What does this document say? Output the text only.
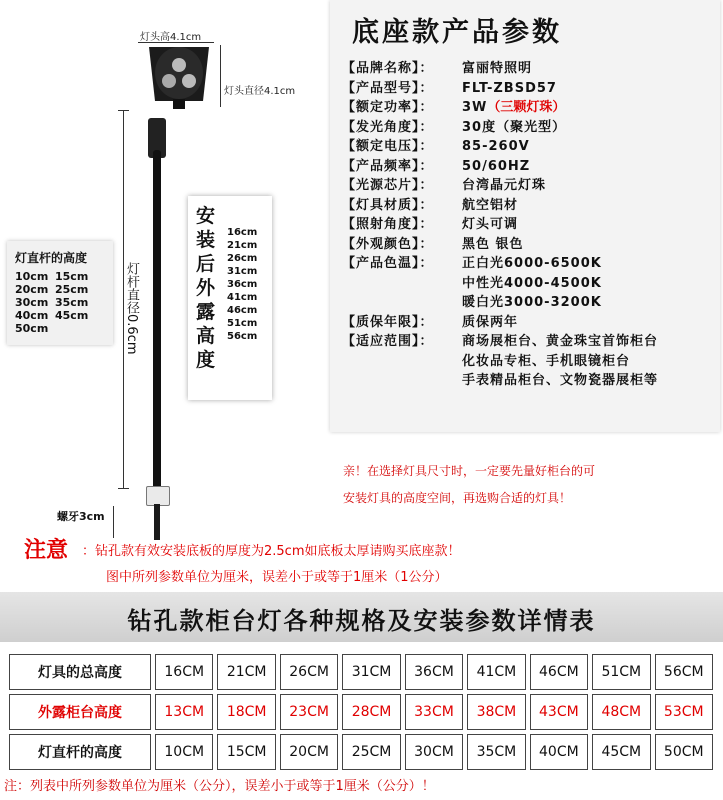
灯头高4.1cm
灯头直径4.1cm
灯杆直径0.6cm
灯直杆的高度
10cm 15cm
20cm 25cm
30cm 35cm
40cm 45cm
50cm
安
装
后
外
露
高
度
16cm
21cm
26cm
31cm
36cm
41cm
46cm
51cm
56cm
螺牙3cm
底座款产品参数
【品牌名称】：	富丽特照明
【产品型号】：	FLT-ZBSD57
【额定功率】：	3W （三颗灯珠）
【发光角度】：	30度（聚光型）
【额定电压】：	85-260V
【产品频率】：	50/60HZ
【光源芯片】：	台湾晶元灯珠
【灯具材质】：	航空铝材
【照射角度】：	灯头可调
【外观颜色】：	黑色 银色
【产品色温】：	正白光6000-6500K
中性光4000-4500K
暖白光3000-3200K
【质保年限】：	质保两年
【适应范围】：	商场展柜台、黄金珠宝首饰柜台
化妆品专柜、手机眼镜柜台
手表精品柜台、文物瓷器展柜等
亲！在选择灯具尺寸时，一定要先量好柜台的可
安装灯具的高度空间，再选购合适的灯具！
注意 ：钻孔款有效安装底板的厚度为2.5cm如底板太厚请购买底座款！
图中所列参数单位为厘米，误差小于或等于1厘米（1公分）
钻孔款柜台灯各种规格及安装参数详情表
灯具的总高度	16CM	21CM	26CM	31CM	36CM	41CM	46CM	51CM	56CM
外露柜台高度	13CM	18CM	23CM	28CM	33CM	38CM	43CM	48CM	53CM
灯直杆的高度	10CM	15CM	20CM	25CM	30CM	35CM	40CM	45CM	50CM
注：列表中所列参数单位为厘米（公分），误差小于或等于1厘米（公分）！
